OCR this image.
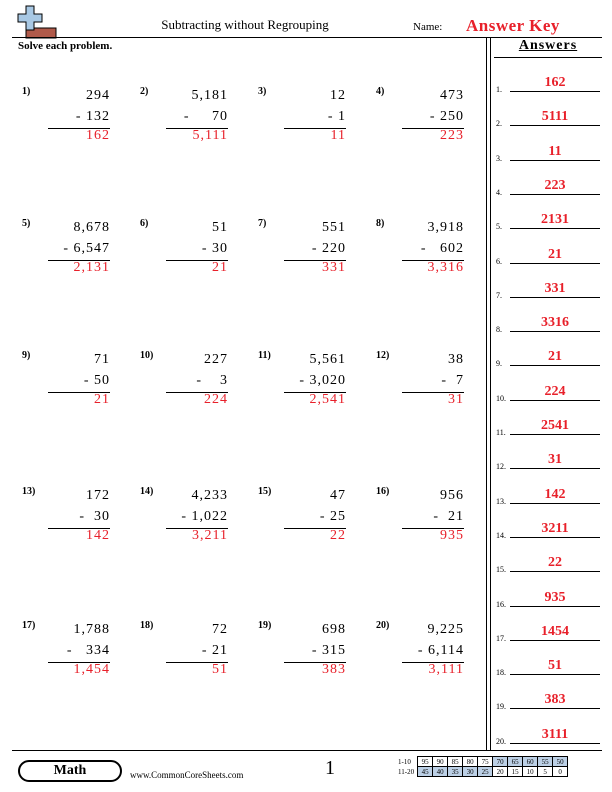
Subtracting without Regrouping	Name: Answer Key
Solve each problem.	Answers
1)	294
- 132
162
2)	5,181
-     70
5,111
3)	12
- 1
11
4)	473
- 250
223
5)	8,678
- 6,547
2,131
6)	51
- 30
21
7)	551
- 220
331
8)	3,918
-   602
3,316
9)	71
- 50
21
10)	227
-    3
224
11)	5,561
- 3,020
2,541
12)	38
-  7
31
13)	172
-  30
142
14)	4,233
- 1,022
3,211
15)	47
- 25
22
16)	956
-  21
935
17)	1,788
-   334
1,454
18)	72
- 21
51
19)	698
- 315
383
20)	9,225
- 6,114
3,111
1.	162
2.	5111
3.	11
4.	223
5.	2131
6.	21
7.	331
8.	3316
9.	21
10.	224
11.	2541
12.	31
13.	142
14.	3211
15.	22
16.	935
17.	1454
18.	51
19.	383
20.	3111
Math	www.CommonCoreSheets.com	1	1-10	95	90	85	80	75	70	65	60	55	50
11-20	45	40	35	30	25	20	15	10	5	0
